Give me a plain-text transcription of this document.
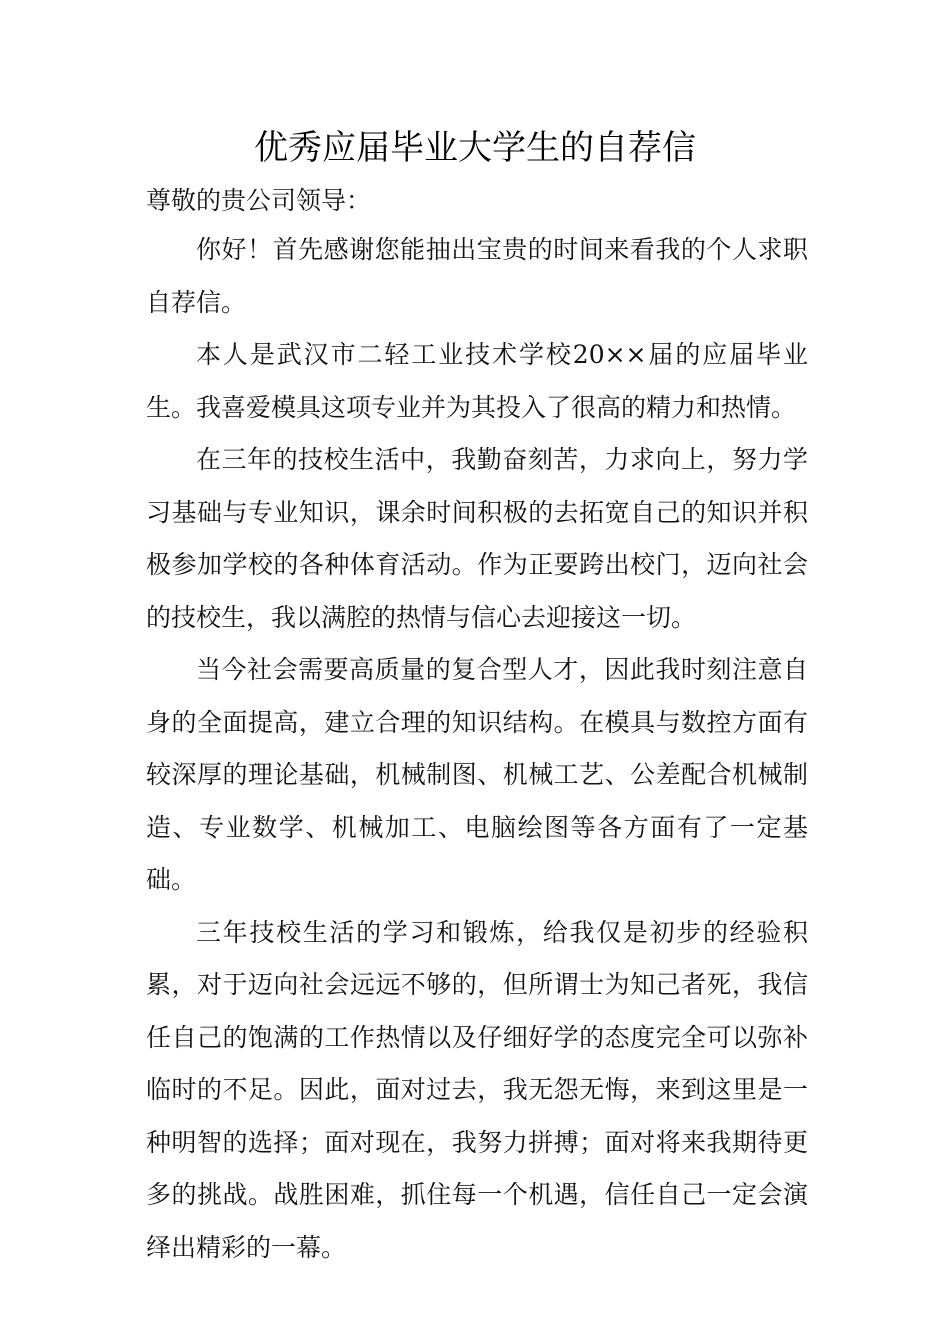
优秀应届毕业大学生的自荐信

尊敬的贵公司领导：

你好！首先感谢您能抽出宝贵的时间来看我的个人求职自荐信。

本人是武汉市二轻工业技术学校20××届的应届毕业生。我喜爱模具这项专业并为其投入了很高的精力和热情。

在三年的技校生活中，我勤奋刻苦，力求向上，努力学习基础与专业知识，课余时间积极的去拓宽自己的知识并积极参加学校的各种体育活动。作为正要跨出校门，迈向社会的技校生，我以满腔的热情与信心去迎接这一切。

当今社会需要高质量的复合型人才，因此我时刻注意自身的全面提高，建立合理的知识结构。在模具与数控方面有较深厚的理论基础，机械制图、机械工艺、公差配合机械制造、专业数学、机械加工、电脑绘图等各方面有了一定基础。

三年技校生活的学习和锻炼，给我仅是初步的经验积累，对于迈向社会远远不够的，但所谓士为知己者死，我信任自己的饱满的工作热情以及仔细好学的态度完全可以弥补临时的不足。因此，面对过去，我无怨无悔，来到这里是一种明智的选择；面对现在，我努力拼搏；面对将来我期待更多的挑战。战胜困难，抓住每一个机遇，信任自己一定会演绎出精彩的一幕。
